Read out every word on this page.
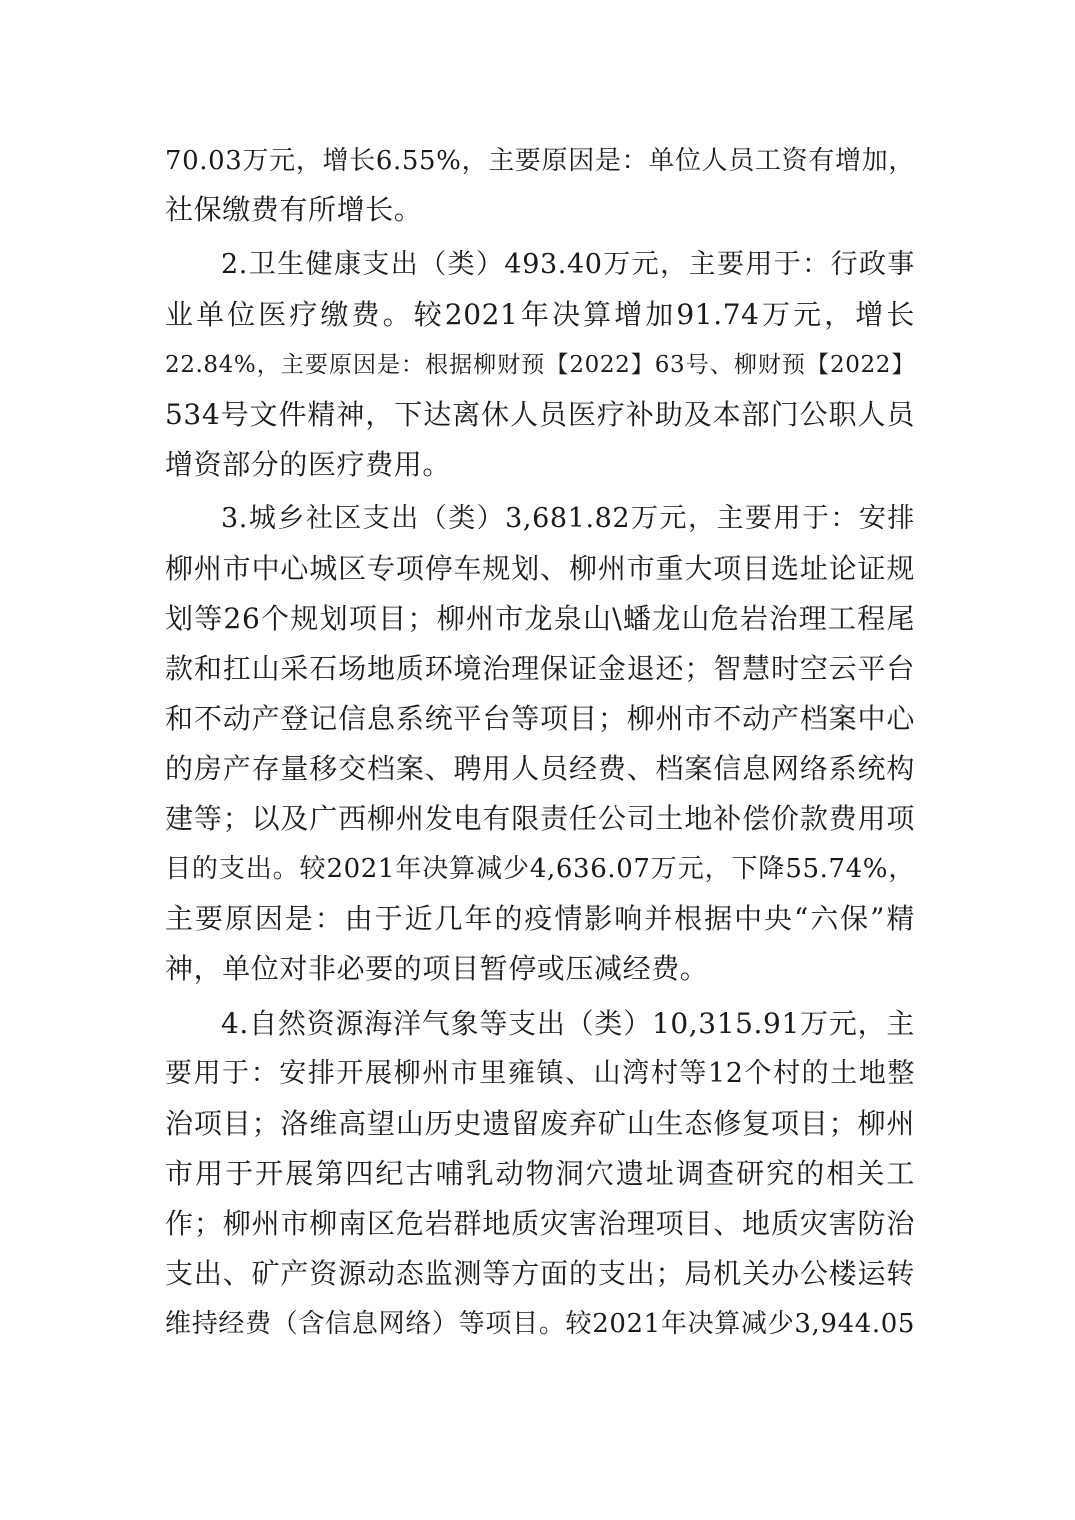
70.03万元，增长6.55%，主要原因是：单位人员工资有增加，
社保缴费有所增长。
2.卫生健康支出（类）493.40万元，主要用于：行政事
业单位医疗缴费。较2021年决算增加91.74万元，增长
22.84%，主要原因是：根据柳财预【2022】63号、柳财预【2022】
534号文件精神，下达离休人员医疗补助及本部门公职人员
增资部分的医疗费用。
3.城乡社区支出（类）3,681.82万元，主要用于：安排
柳州市中心城区专项停车规划、柳州市重大项目选址论证规
划等26个规划项目；柳州市龙泉山\蟠龙山危岩治理工程尾
款和扛山采石场地质环境治理保证金退还；智慧时空云平台
和不动产登记信息系统平台等项目；柳州市不动产档案中心
的房产存量移交档案、聘用人员经费、档案信息网络系统构
建等；以及广西柳州发电有限责任公司土地补偿价款费用项
目的支出。较2021年决算减少4,636.07万元，下降55.74%，
主要原因是：由于近几年的疫情影响并根据中央“六保”精
神，单位对非必要的项目暂停或压减经费。
4.自然资源海洋气象等支出（类）10,315.91万元，主
要用于：安排开展柳州市里雍镇、山湾村等12个村的土地整
治项目；洛维高望山历史遗留废弃矿山生态修复项目；柳州
市用于开展第四纪古哺乳动物洞穴遗址调查研究的相关工
作；柳州市柳南区危岩群地质灾害治理项目、地质灾害防治
支出、矿产资源动态监测等方面的支出；局机关办公楼运转
维持经费（含信息网络）等项目。较2021年决算减少3,944.05
